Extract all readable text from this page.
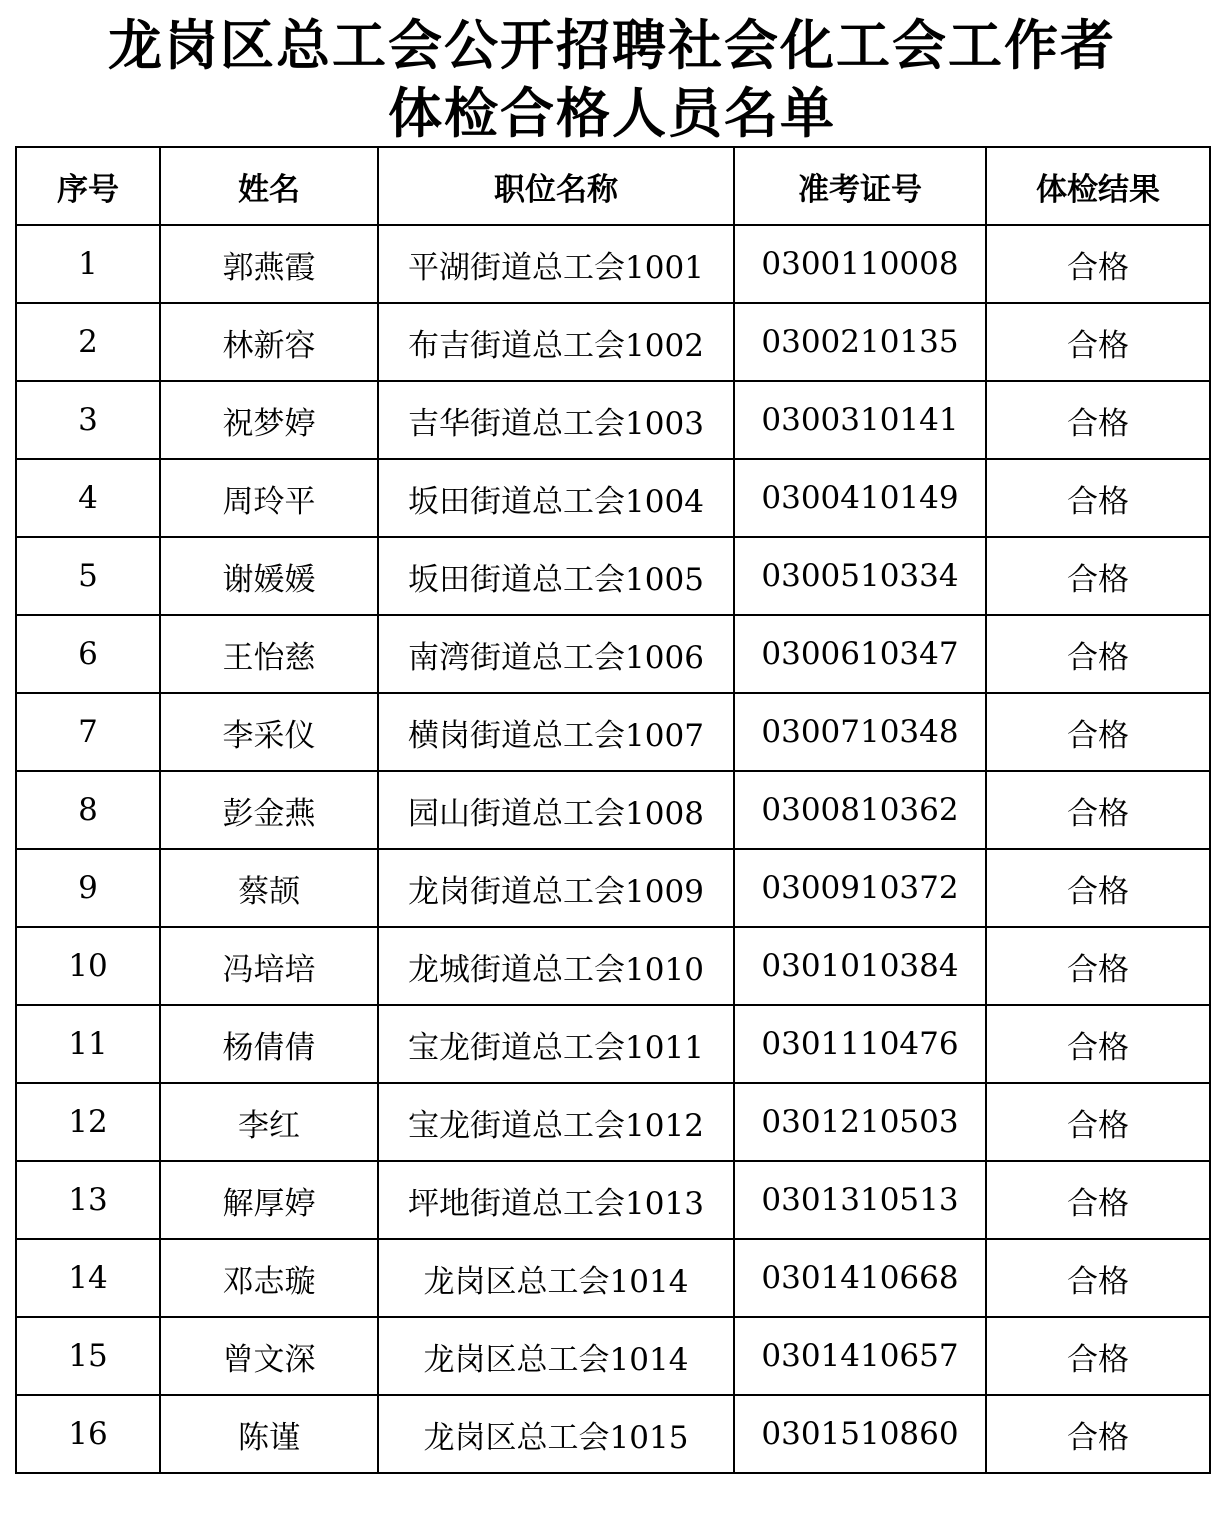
龙岗区总工会公开招聘社会化工会工作者
体检合格人员名单
序号	姓名	职位名称	准考证号	体检结果
1	郭燕霞	平湖街道总工会1001	0300110008	合格
2	林新容	布吉街道总工会1002	0300210135	合格
3	祝梦婷	吉华街道总工会1003	0300310141	合格
4	周玲平	坂田街道总工会1004	0300410149	合格
5	谢媛媛	坂田街道总工会1005	0300510334	合格
6	王怡慈	南湾街道总工会1006	0300610347	合格
7	李采仪	横岗街道总工会1007	0300710348	合格
8	彭金燕	园山街道总工会1008	0300810362	合格
9	蔡颉	龙岗街道总工会1009	0300910372	合格
10	冯培培	龙城街道总工会1010	0301010384	合格
11	杨倩倩	宝龙街道总工会1011	0301110476	合格
12	李红	宝龙街道总工会1012	0301210503	合格
13	解厚婷	坪地街道总工会1013	0301310513	合格
14	邓志璇	龙岗区总工会1014	0301410668	合格
15	曾文深	龙岗区总工会1014	0301410657	合格
16	陈谨	龙岗区总工会1015	0301510860	合格
